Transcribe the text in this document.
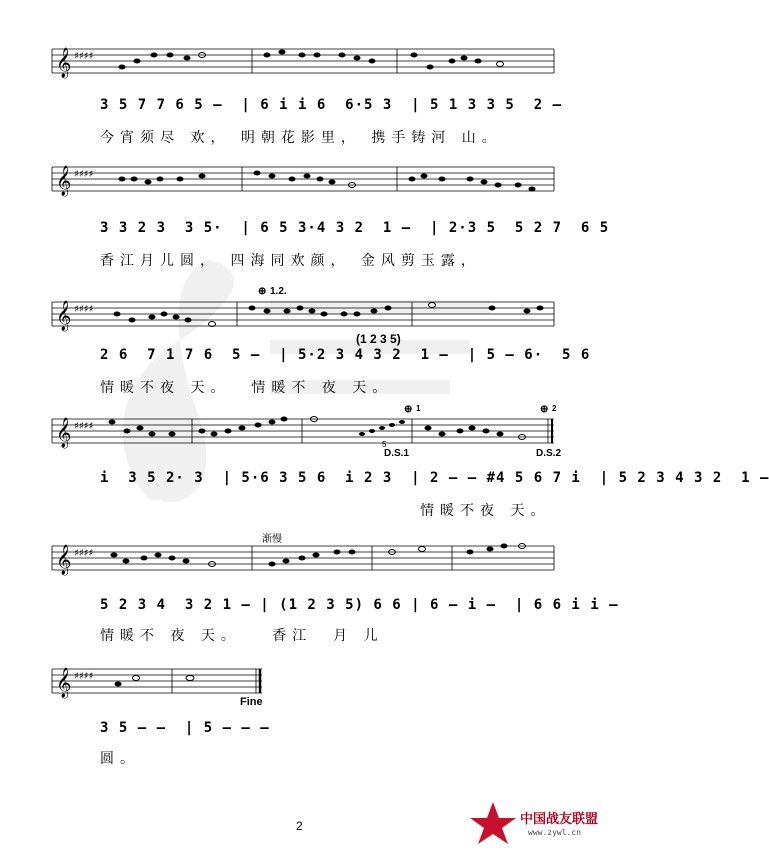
𝄞 ♯♯♯♯
𝄞 ♯♯♯♯
𝄞 ♯♯♯♯
𝄞 ♯♯♯♯
𝄞 ♯♯♯♯
𝄞 ♯♯♯♯
3 5 7 7 6 5 –  | 6 i i 6  6·5 3  | 5 1 3 3 5  2 –
今宵须尽 欢， 明朝花影里， 携手铸河 山。
3 3 2 3  3 5·  | 6 5 3·4 3 2  1 –  | 2·3 5  5 2 7  6 5
香江月儿圆， 四海同欢颜， 金风剪玉露，
2 6  7 1 7 6  5 –  | 5·2 3 4 3 2  1 –  | 5 – 6·  5 6
情暖不夜 天。  情暖不 夜 天。
i  3 5 2· 3  | 5·6 3 5 6  i 2 3  | 2 – – #4 5 6 7 i  | 5 2 3 4 3 2  1 –
情暖不夜 天。
5 2 3 4  3 2 1 – | (1 2 3 5) 6 6 | 6 – i –  | 6 6 i i –
情暖不 夜 天。   香江  月 儿
3 5 – –  | 5 – – –
圆。
⊕ 1.2.
⊕ 1	⊕ 2
D.S.1	D.S.2
5
(1 2 3 5)
渐慢
Fine
2	中国战友联盟
www.zywl.cn
